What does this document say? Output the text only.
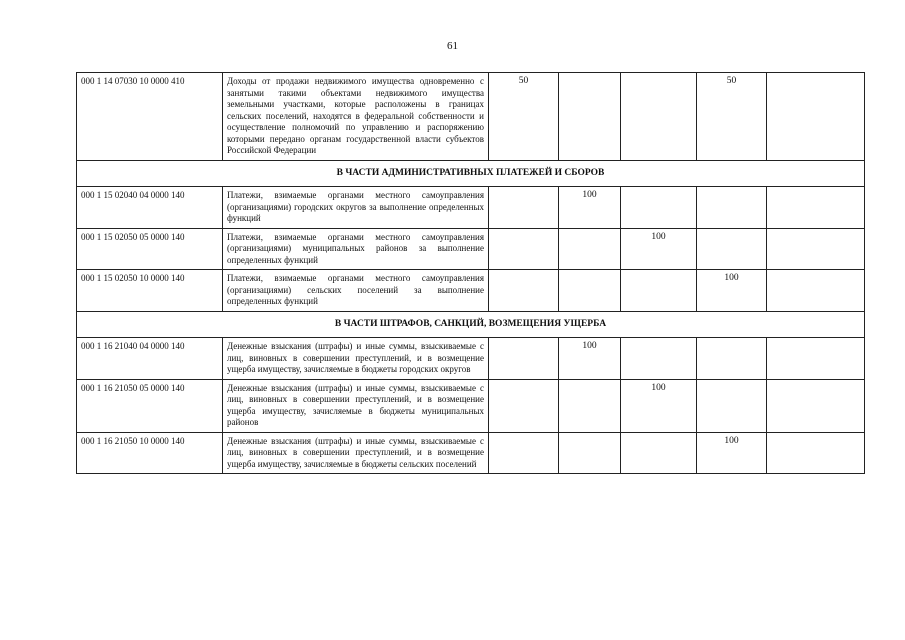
61
000 1 14 07030 10 0000 410	Доходы от продажи недвижимого имущества одновременно с занятыми такими объектами недвижимого имущества земельными участками, которые расположены в границах сельских поселений, находятся в федеральной собственности и осуществление полномочий по управлению и распоряжению которыми передано органам государственной власти субъектов Российской Федерации	50			50	
В ЧАСТИ АДМИНИСТРАТИВНЫХ ПЛАТЕЖЕЙ И СБОРОВ						
000 1 15 02040 04 0000 140	Платежи, взимаемые органами местного самоуправления (организациями) городских округов за выполнение определенных функций		100			
000 1 15 02050 05 0000 140	Платежи, взимаемые органами местного самоуправления (организациями) муниципальных районов за выполнение определенных функций			100		
000 1 15 02050 10 0000 140	Платежи, взимаемые органами местного самоуправления (организациями) сельских поселений за выполнение определенных функций				100	
В ЧАСТИ ШТРАФОВ, САНКЦИЙ, ВОЗМЕЩЕНИЯ УЩЕРБА						
000 1 16 21040 04 0000 140	Денежные взыскания (штрафы) и иные суммы, взыскиваемые с лиц, виновных в совершении преступлений, и в возмещение ущерба имуществу, зачисляемые в бюджеты городских округов		100			
000 1 16 21050 05 0000 140	Денежные взыскания (штрафы) и иные суммы, взыскиваемые с лиц, виновных в совершении преступлений, и в возмещение ущерба имуществу, зачисляемые в бюджеты муниципальных районов			100		
000 1 16 21050 10 0000 140	Денежные взыскания (штрафы) и иные суммы, взыскиваемые с лиц, виновных в совершении преступлений, и в возмещение ущерба имуществу, зачисляемые в бюджеты сельских поселений				100	
